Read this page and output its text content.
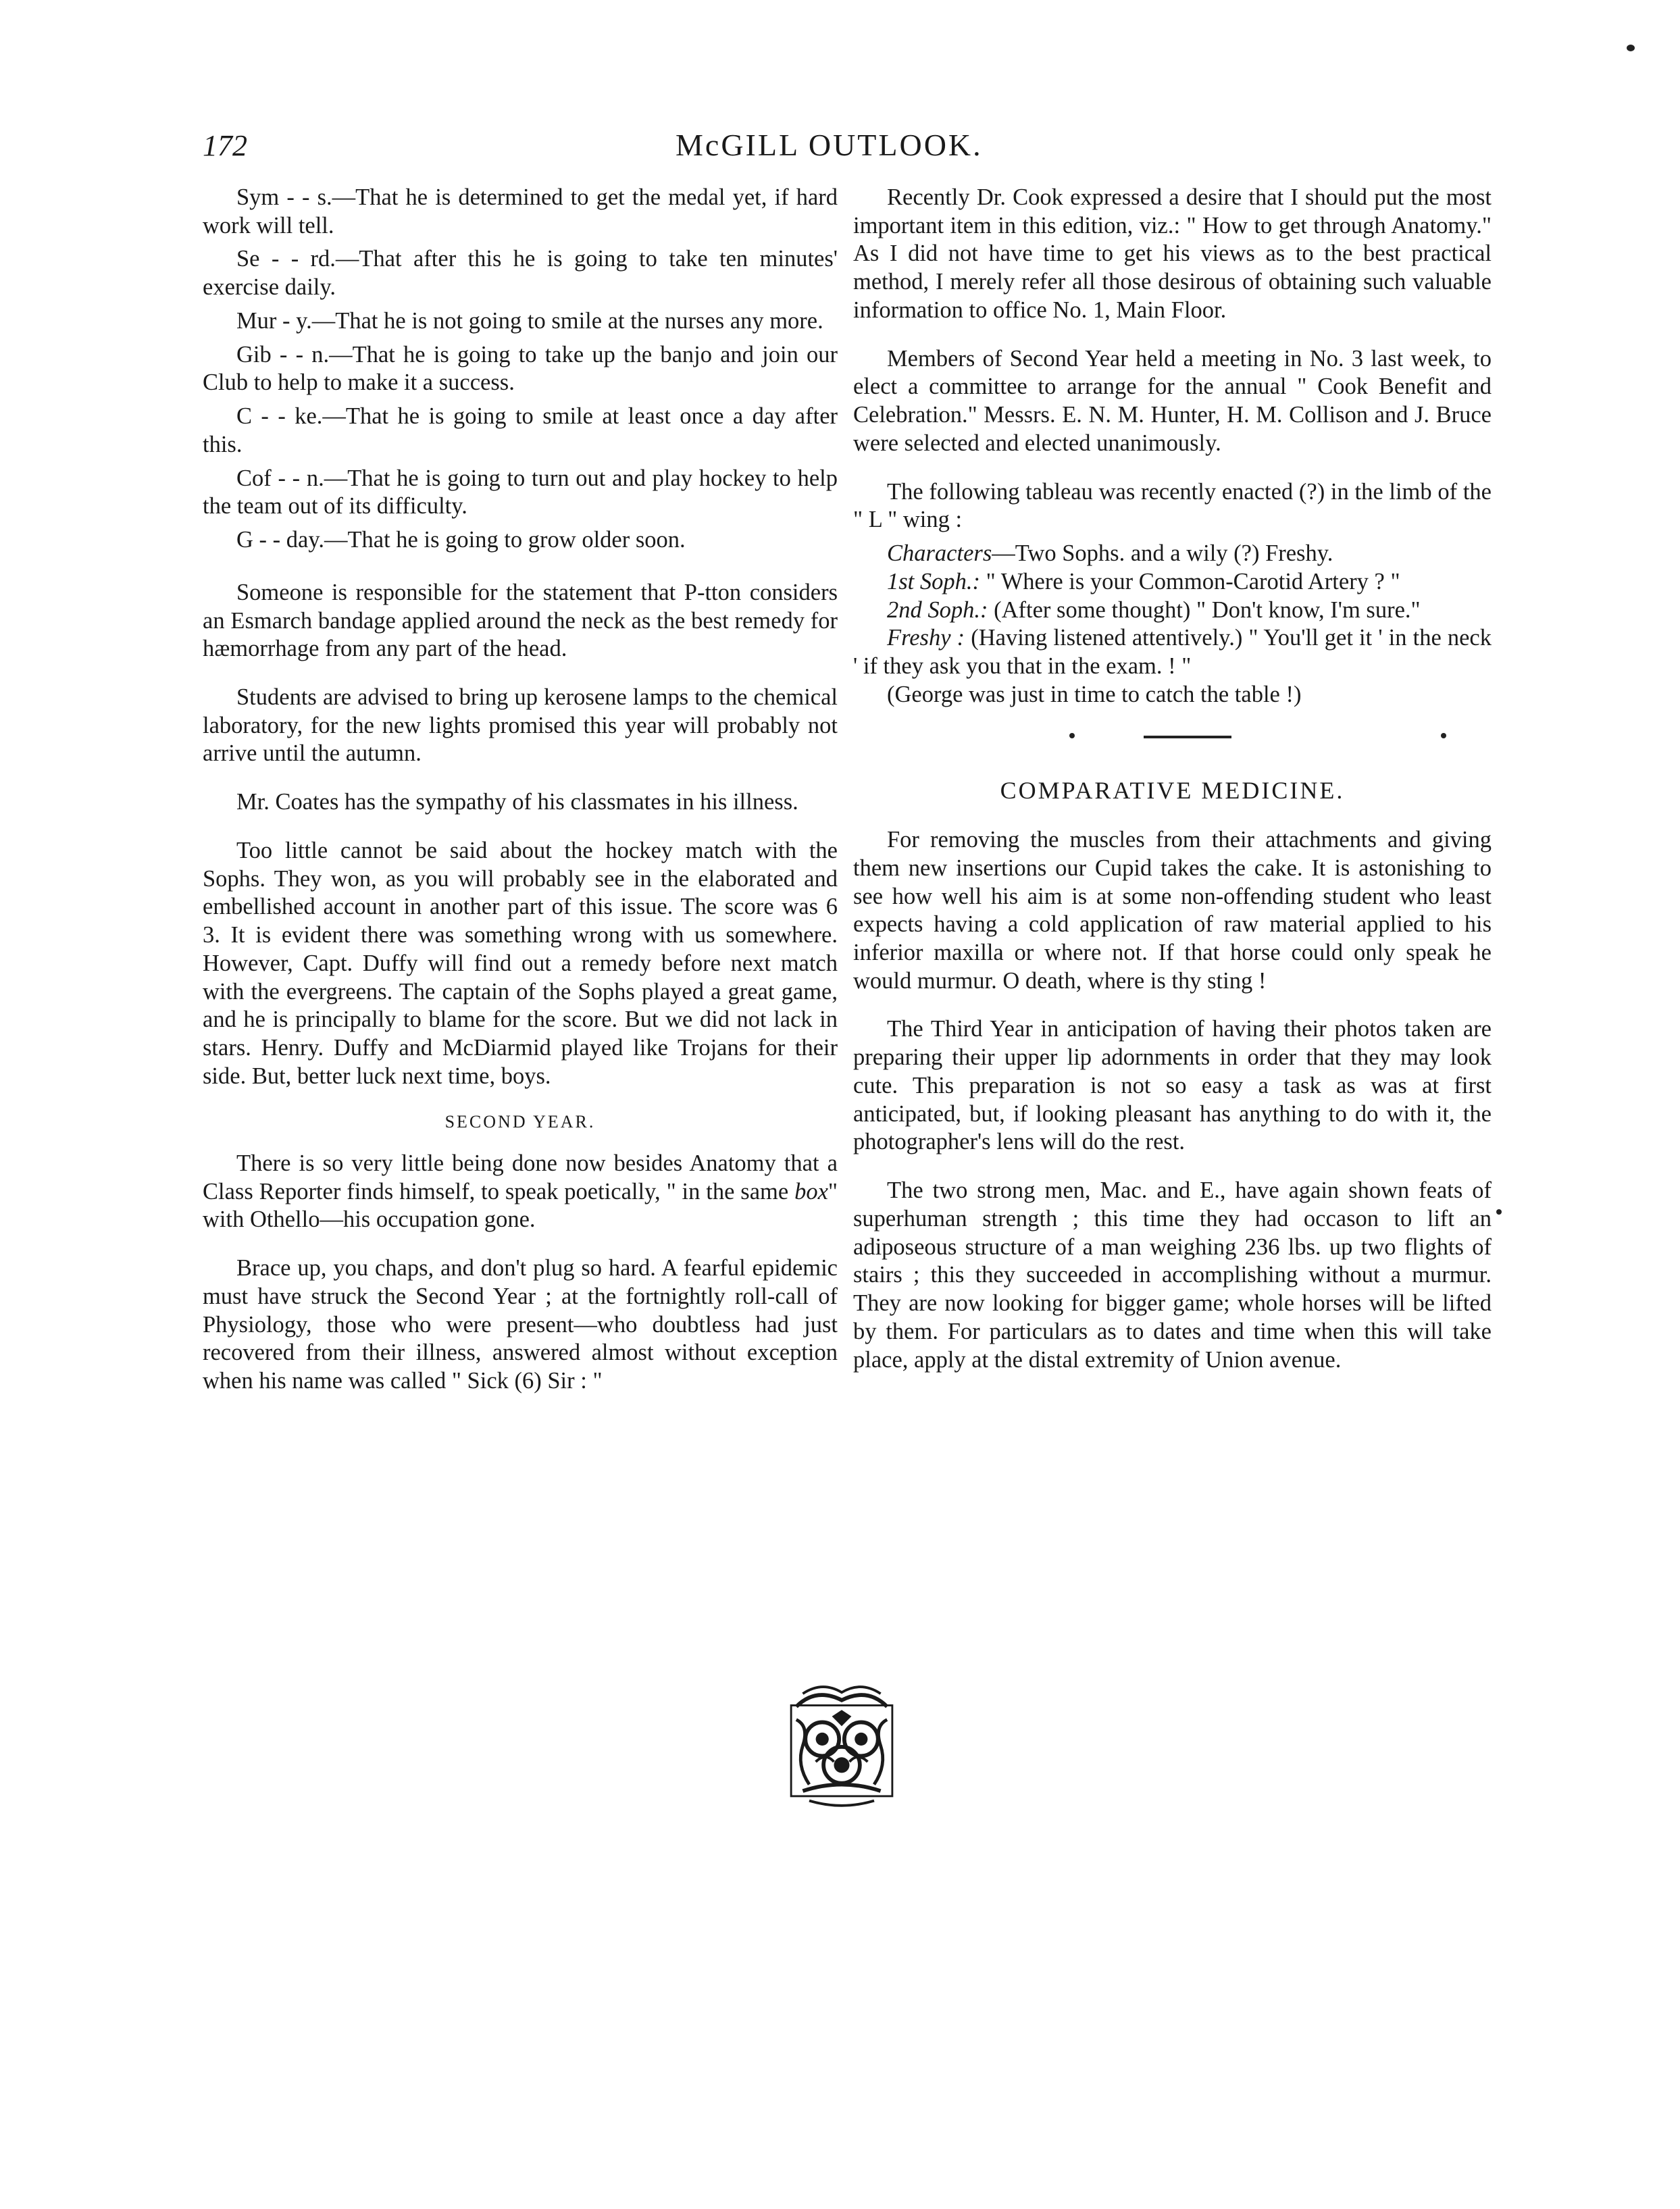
172	McGILL OUTLOOK.

Sym - - s.—That he is determined to get the medal yet, if hard work will tell.

Se - - rd.—That after this he is going to take ten minutes' exercise daily.

Mur - y.—That he is not going to smile at the nurses any more.

Gib - - n.—That he is going to take up the banjo and join our Club to help to make it a success.

C - - ke.—That he is going to smile at least once a day after this.

Cof - - n.—That he is going to turn out and play hockey to help the team out of its difficulty.

G - - day.—That he is going to grow older soon.

Someone is responsible for the statement that P-tton considers an Esmarch bandage applied around the neck as the best remedy for hæmorrhage from any part of the head.

Students are advised to bring up kerosene lamps to the chemical laboratory, for the new lights promised this year will probably not arrive until the autumn.

Mr. Coates has the sympathy of his classmates in his illness.

Too little cannot be said about the hockey match with the Sophs. They won, as you will probably see in the elaborated and embellished account in another part of this issue. The score was 6 3. It is evident there was something wrong with us somewhere. However, Capt. Duffy will find out a remedy before next match with the evergreens. The captain of the Sophs played a great game, and he is principally to blame for the score. But we did not lack in stars. Henry. Duffy and McDiarmid played like Trojans for their side. But, better luck next time, boys.

SECOND YEAR.

There is so very little being done now besides Anatomy that a Class Reporter finds himself, to speak poetically, " in the same box" with Othello—his occupation gone.

Brace up, you chaps, and don't plug so hard. A fearful epidemic must have struck the Second Year ; at the fortnightly roll-call of Physiology, those who were present—who doubtless had just recovered from their illness, answered almost without exception when his name was called " Sick (6) Sir : "

Recently Dr. Cook expressed a desire that I should put the most important item in this edition, viz.: " How to get through Anatomy." As I did not have time to get his views as to the best practical method, I merely refer all those desirous of obtaining such valuable information to office No. 1, Main Floor.

Members of Second Year held a meeting in No. 3 last week, to elect a committee to arrange for the annual " Cook Benefit and Celebration." Messrs. E. N. M. Hunter, H. M. Collison and J. Bruce were selected and elected unanimously.

The following tableau was recently enacted (?) in the limb of the " L " wing :

Characters—Two Sophs. and a wily (?) Freshy.

1st Soph.: " Where is your Common-Carotid Artery ? "

2nd Soph.: (After some thought) " Don't know, I'm sure."

Freshy : (Having listened attentively.) " You'll get it ' in the neck ' if they ask you that in the exam. ! "

(George was just in time to catch the table !)

COMPARATIVE MEDICINE.

For removing the muscles from their attachments and giving them new insertions our Cupid takes the cake. It is astonishing to see how well his aim is at some non-offending student who least expects having a cold application of raw material applied to his inferior maxilla or where not. If that horse could only speak he would murmur. O death, where is thy sting !

The Third Year in anticipation of having their photos taken are preparing their upper lip adornments in order that they may look cute. This preparation is not so easy a task as was at first anticipated, but, if looking pleasant has anything to do with it, the photographer's lens will do the rest.

The two strong men, Mac. and E., have again shown feats of superhuman strength ; this time they had occason to lift an adiposeous structure of a man weighing 236 lbs. up two flights of stairs ; this they succeeded in accomplishing without a murmur. They are now looking for bigger game; whole horses will be lifted by them. For particulars as to dates and time when this will take place, apply at the distal extremity of Union avenue.
